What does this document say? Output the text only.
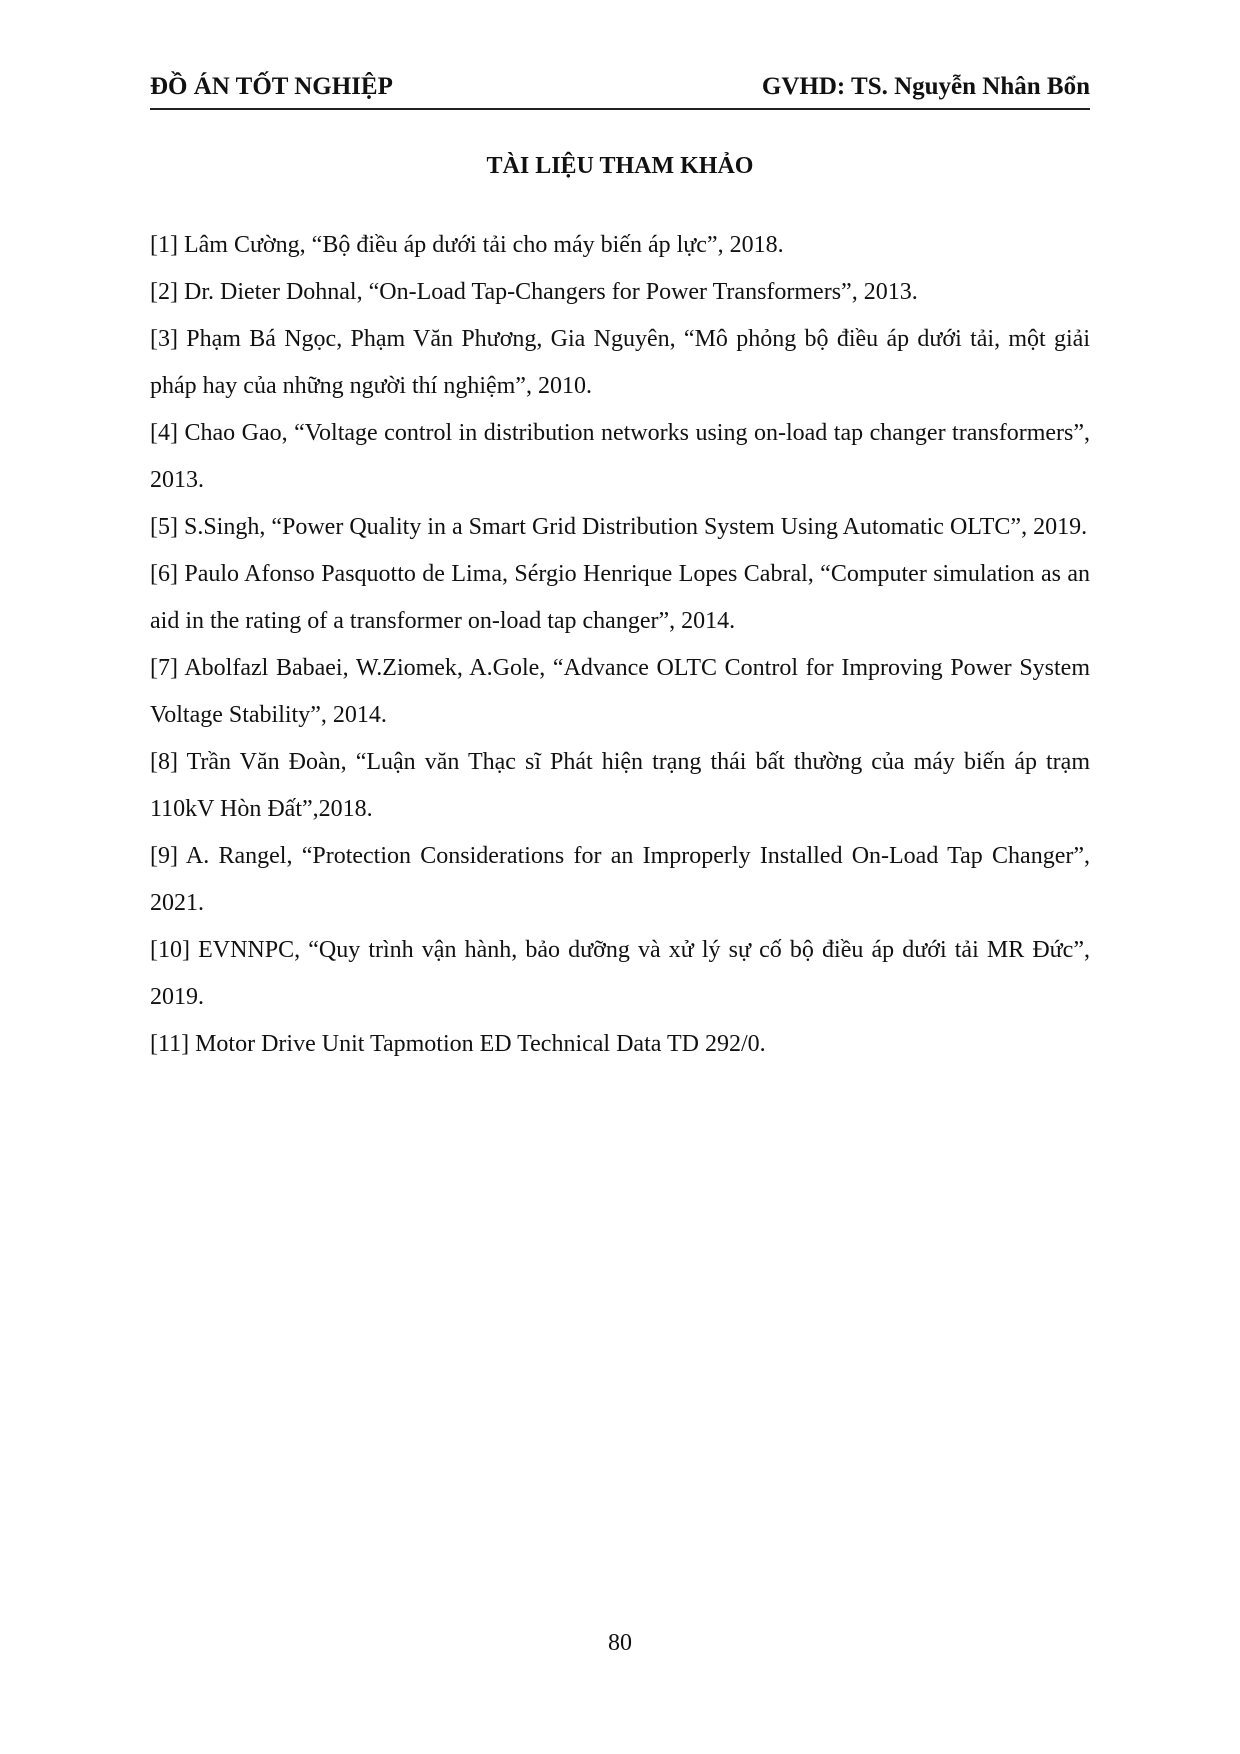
ĐỒ ÁN TỐT NGHIỆP	GVHD: TS. Nguyễn Nhân Bổn
TÀI LIỆU THAM KHẢO
[1] Lâm Cường, “Bộ điều áp dưới tải cho máy biến áp lực”, 2018.
[2] Dr. Dieter Dohnal, “On-Load Tap-Changers for Power Transformers”, 2013.
[3] Phạm Bá Ngọc, Phạm Văn Phương, Gia Nguyên, “Mô phỏng bộ điều áp dưới tải, một giải pháp hay của những người thí nghiệm”, 2010.
[4] Chao Gao, “Voltage control in distribution networks using on-load tap changer transformers”, 2013.
[5] S.Singh, “Power Quality in a Smart Grid Distribution System Using Automatic OLTC”, 2019.
[6] Paulo Afonso Pasquotto de Lima, Sérgio Henrique Lopes Cabral, “Computer simulation as an aid in the rating of a transformer on-load tap changer”, 2014.
[7] Abolfazl Babaei, W.Ziomek, A.Gole, “Advance OLTC Control for Improving Power System Voltage Stability”, 2014.
[8] Trần Văn Đoàn, “Luận văn Thạc sĩ Phát hiện trạng thái bất thường của máy biến áp trạm 110kV Hòn Đất”,2018.
[9] A. Rangel, “Protection Considerations for an Improperly Installed On-Load Tap Changer”, 2021.
[10] EVNNPC, “Quy trình vận hành, bảo dưỡng và xử lý sự cố bộ điều áp dưới tải MR Đức”, 2019.
[11] Motor Drive Unit Tapmotion ED Technical Data TD 292/0.
80
